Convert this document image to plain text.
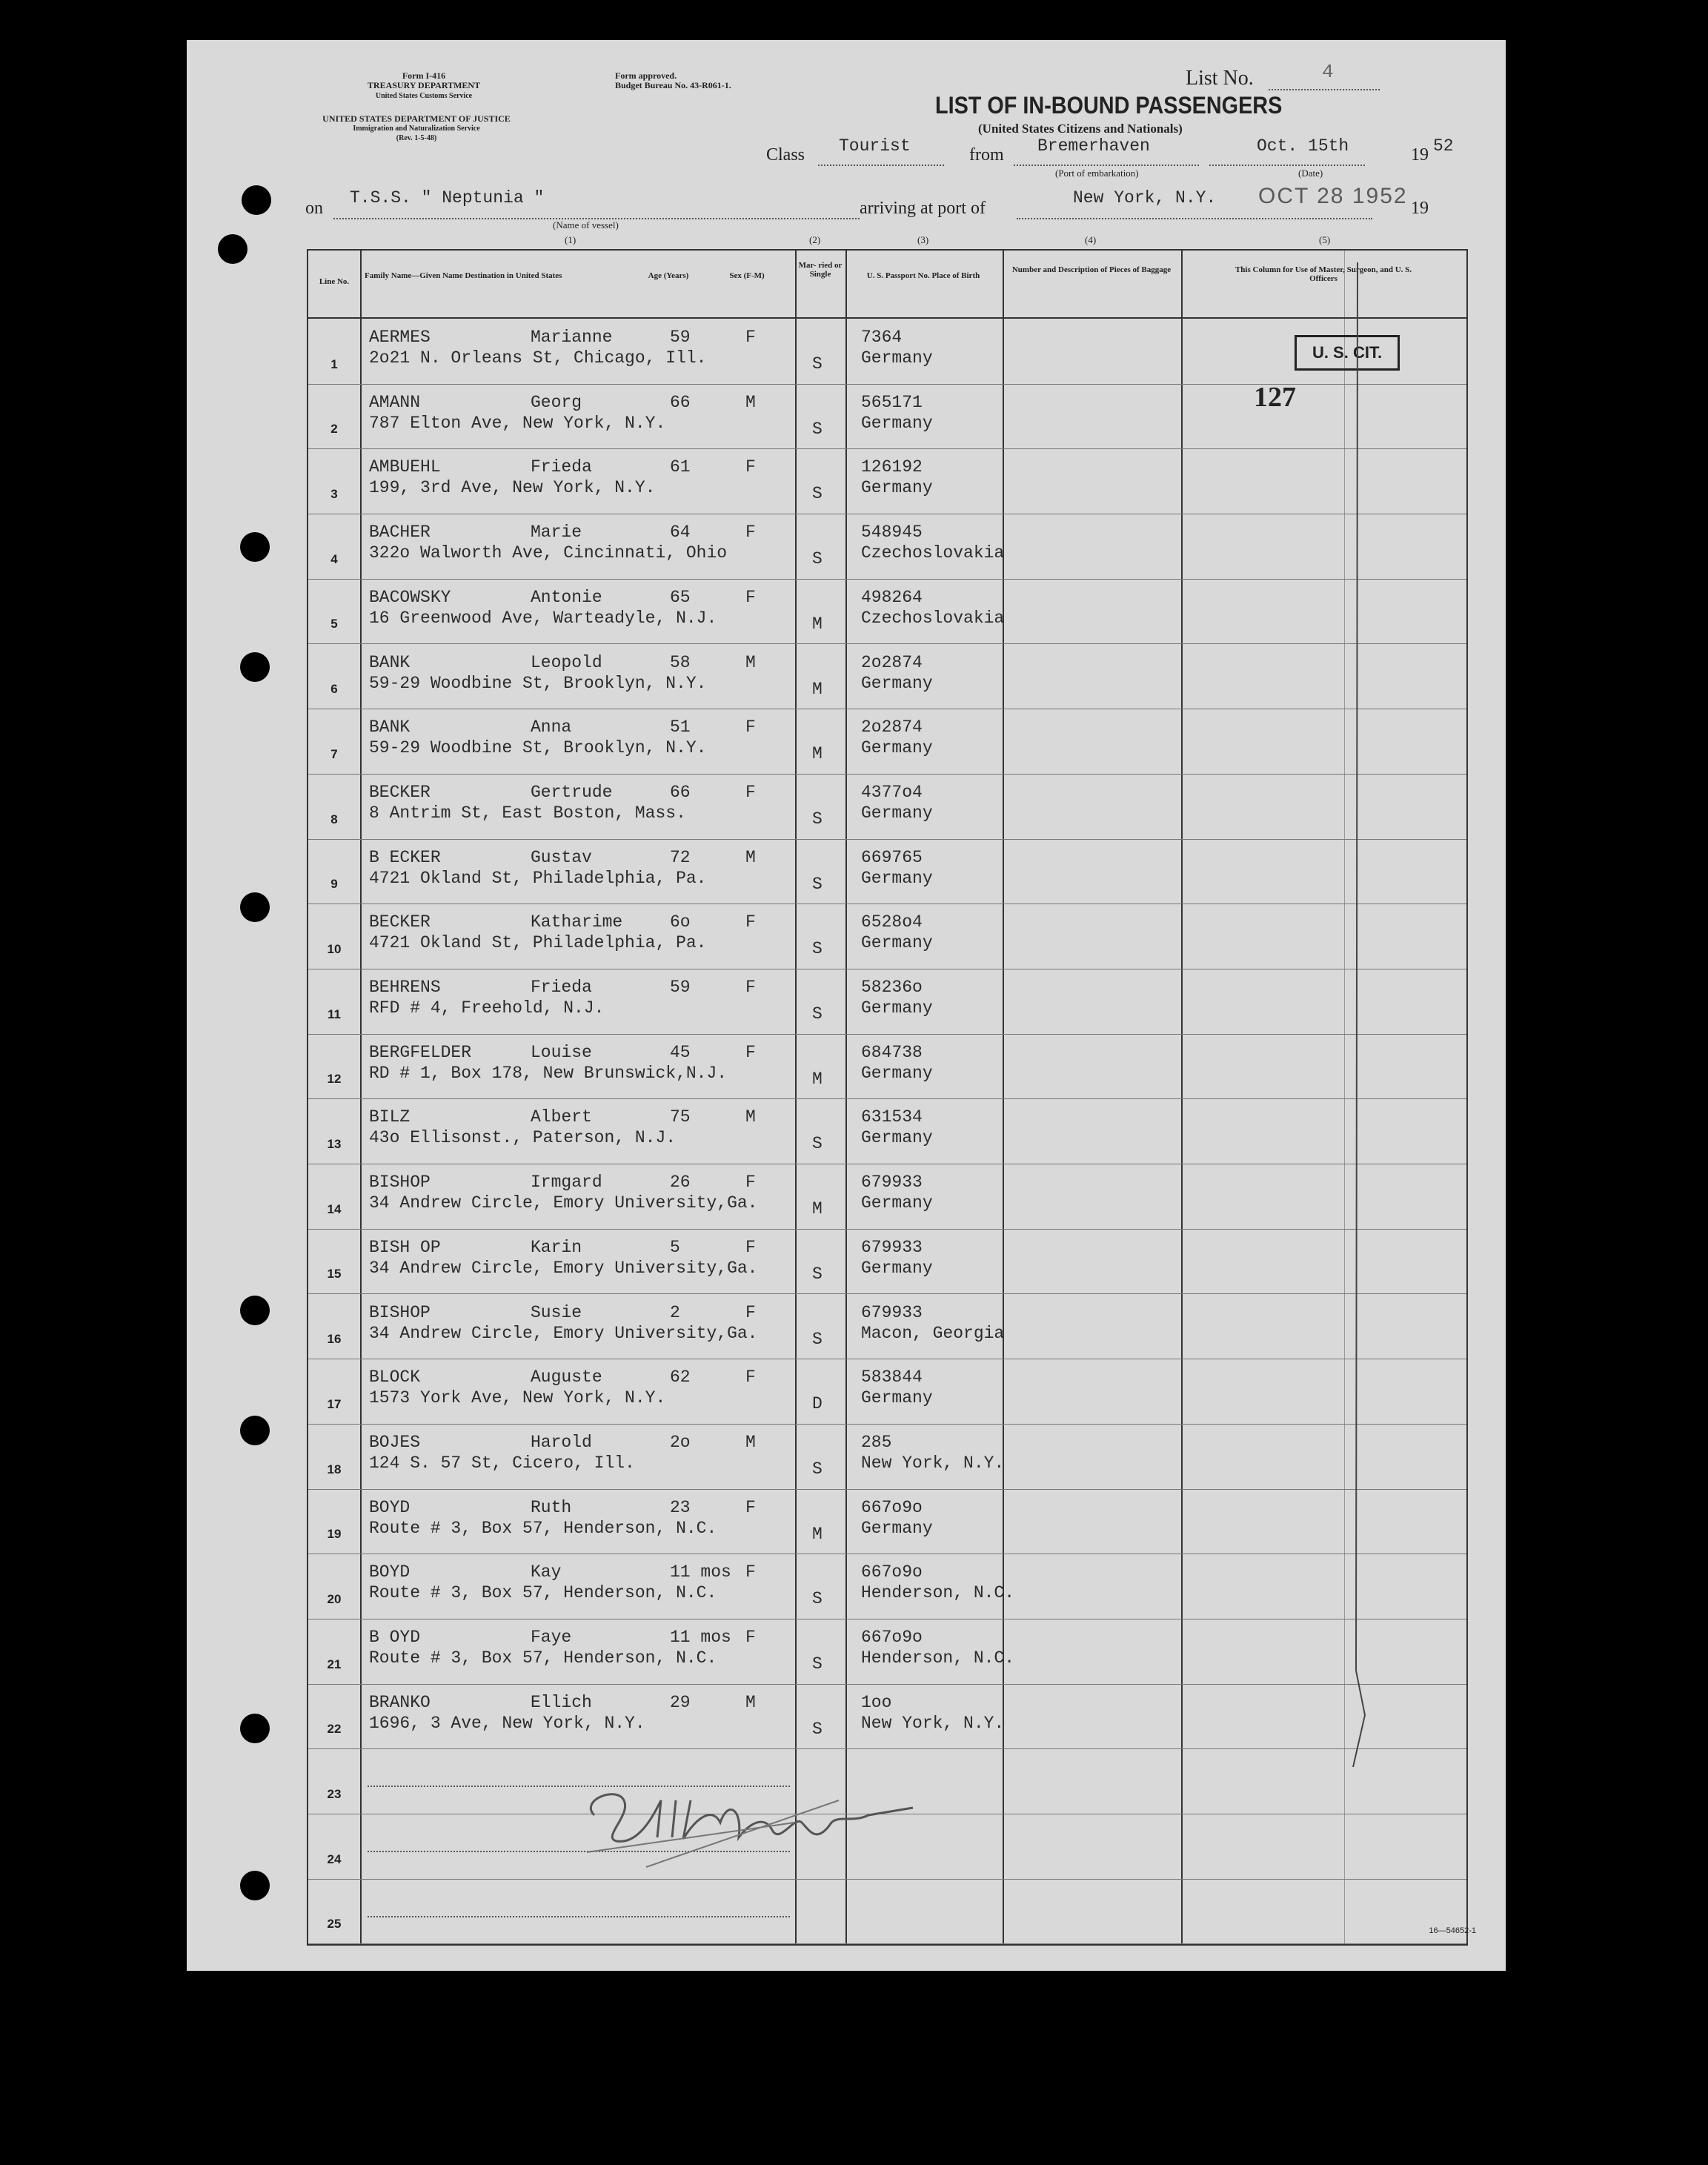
Form I-416
TREASURY DEPARTMENT
United States Customs Service
UNITED STATES DEPARTMENT OF JUSTICE
Immigration and Naturalization Service
(Rev. 1-5-48)
Form approved.
Budget Bureau No. 43-R061-1.	List No.	4
LIST OF IN-BOUND PASSENGERS
(United States Citizens and Nationals)
Class Tourist	from Bremerhaven
(Port of embarkation)
Oct. 15th	19 52
(Date)
on
T.S.S. " Neptunia "
(Name of vessel)
arriving at port of
New York, N.Y. OCT 28 1952 19
(1)	(2)	(3)	(4)	(5)
Line No.
Family Name—Given Name Destination in United States	Age (Years)	Sex (F-M)
Mar- ried or Single	U. S. Passport No. Place of Birth
Number and Description of Pieces of Baggage	This Column for Use of Master, Surgeon, and U. S. Officers
1
AERMES	Marianne	59	F
2o21 N. Orleans St, Chicago, Ill.	S
7364
Germany
2
AMANN	Georg	66	M
787 Elton Ave, New York, N.Y.	S
565171
Germany
3
AMBUEHL	Frieda	61	F
199, 3rd Ave, New York, N.Y.	S
126192
Germany
4
BACHER	Marie	64	F
322o Walworth Ave, Cincinnati, Ohio	S
548945
Czechoslovakia
5
BACOWSKY	Antonie	65	F
16 Greenwood Ave, Warteadyle, N.J.	M
498264
Czechoslovakia
6
BANK	Leopold	58	M
59-29 Woodbine St, Brooklyn, N.Y.	M
2o2874
Germany
7
BANK	Anna	51	F
59-29 Woodbine St, Brooklyn, N.Y.	M
2o2874
Germany
8
BECKER	Gertrude	66	F
8 Antrim St, East Boston, Mass.	S
4377o4
Germany
9
B ECKER	Gustav	72	M
4721 Okland St, Philadelphia, Pa.	S
669765
Germany
10
BECKER	Katharime	6o	F
4721 Okland St, Philadelphia, Pa.	S
6528o4
Germany
11
BEHRENS	Frieda	59	F
RFD # 4, Freehold, N.J.	S
58236o
Germany
12
BERGFELDER	Louise	45	F
RD # 1, Box 178, New Brunswick,N.J.	M
684738
Germany
13
BILZ	Albert	75	M
43o Ellisonst., Paterson, N.J.	S
631534
Germany
14
BISHOP	Irmgard	26	F
34 Andrew Circle, Emory University,Ga.	M
679933
Germany
15
BISH OP	Karin	5	F
34 Andrew Circle, Emory University,Ga.	S
679933
Germany
16
BISHOP	Susie	2	F
34 Andrew Circle, Emory University,Ga.	S
679933
Macon, Georgia
17
BLOCK	Auguste	62	F
1573 York Ave, New York, N.Y.	D
583844
Germany
18
BOJES	Harold	2o	M
124 S. 57 St, Cicero, Ill.	S
285
New York, N.Y.
19
BOYD	Ruth	23	F
Route # 3, Box 57, Henderson, N.C.	M
667o9o
Germany
20
BOYD	Kay	11 mos F
Route # 3, Box 57, Henderson, N.C.	S
667o9o
Henderson, N.C.
21
B OYD	Faye	11 mos F
Route # 3, Box 57, Henderson, N.C.	S
667o9o
Henderson, N.C.
22
BRANKO	Ellich	29	M
1696, 3 Ave, New York, N.Y.	S
1oo
New York, N.Y.
23
24
25
U. S. CIT.
127
16—54652-1
